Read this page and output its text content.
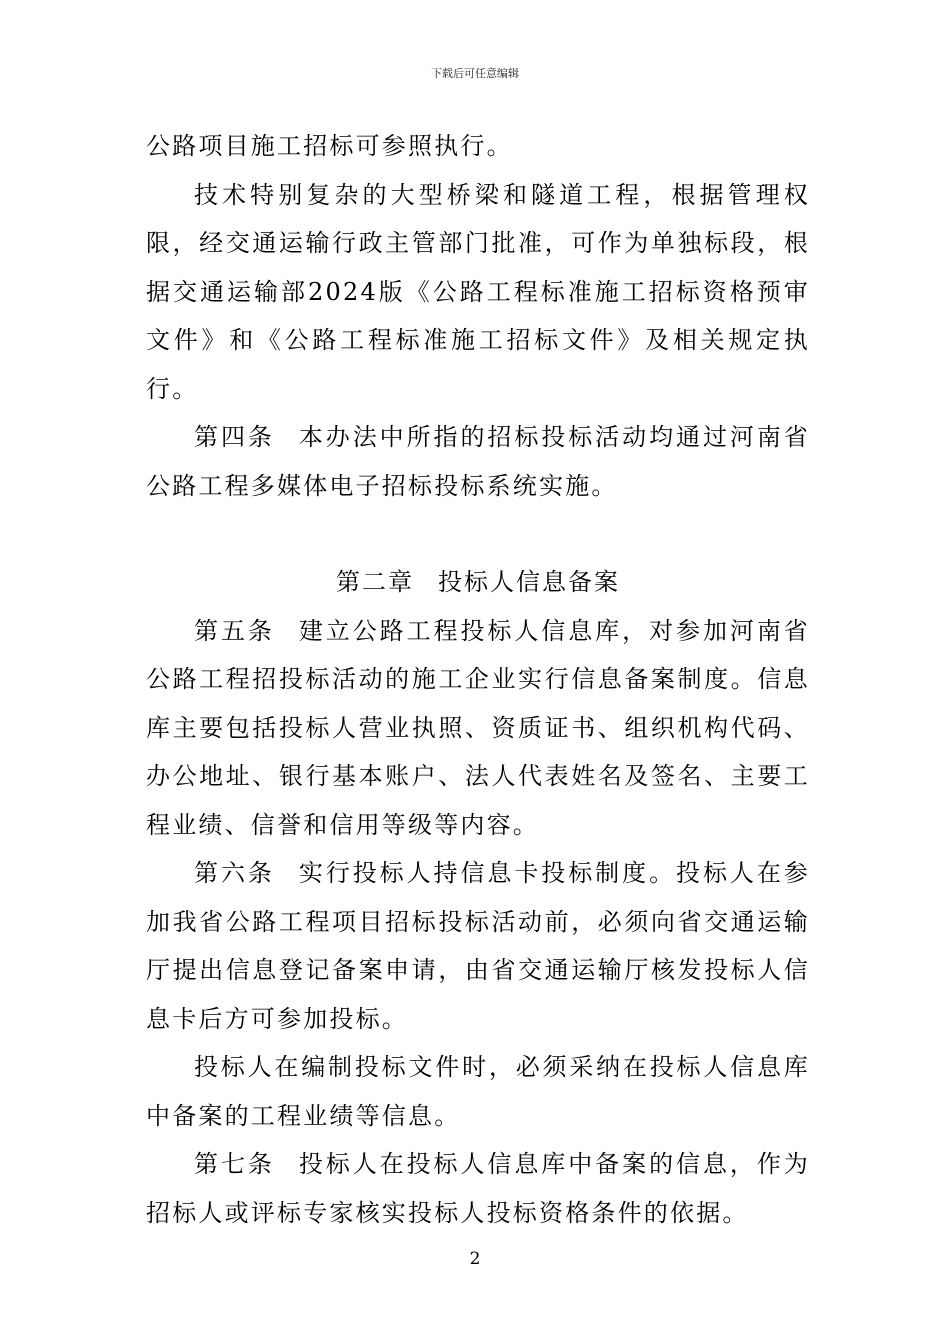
下载后可任意编辑

公路项目施工招标可参照执行。

技术特别复杂的大型桥梁和隧道工程，根据管理权限，经交通运输行政主管部门批准，可作为单独标段，根据交通运输部2024版《公路工程标准施工招标资格预审文件》和《公路工程标准施工招标文件》及相关规定执行。

第四条 本办法中所指的招标投标活动均通过河南省公路工程多媒体电子招标投标系统实施。

第二章 投标人信息备案

第五条 建立公路工程投标人信息库，对参加河南省公路工程招投标活动的施工企业实行信息备案制度。信息库主要包括投标人营业执照、资质证书、组织机构代码、办公地址、银行基本账户、法人代表姓名及签名、主要工程业绩、信誉和信用等级等内容。

第六条 实行投标人持信息卡投标制度。投标人在参加我省公路工程项目招标投标活动前，必须向省交通运输厅提出信息登记备案申请，由省交通运输厅核发投标人信息卡后方可参加投标。

投标人在编制投标文件时，必须采纳在投标人信息库中备案的工程业绩等信息。

第七条 投标人在投标人信息库中备案的信息，作为招标人或评标专家核实投标人投标资格条件的依据。

2
